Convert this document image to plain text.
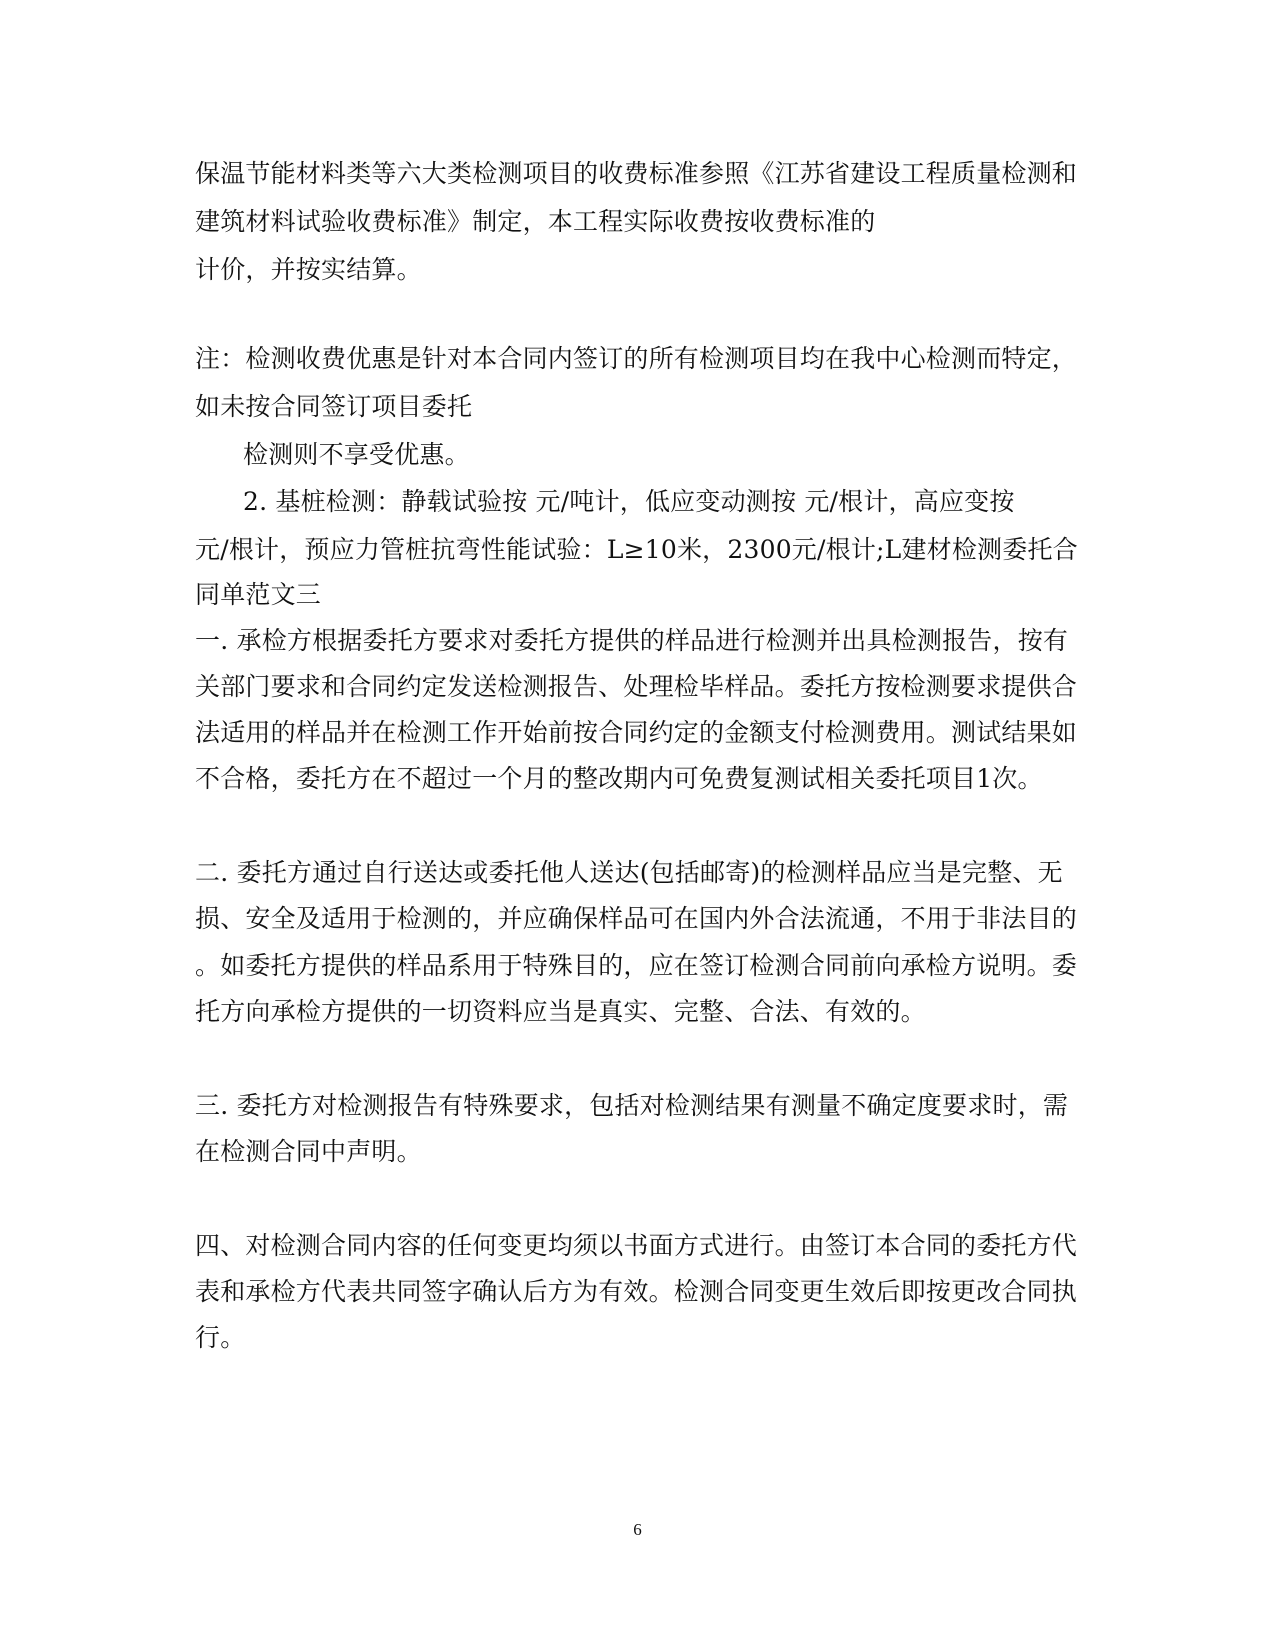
保温节能材料类等六大类检测项目的收费标准参照《江苏省建设工程质量检测和
建筑材料试验收费标准》制定，本工程实际收费按收费标准的
计价，并按实结算。
注：检测收费优惠是针对本合同内签订的所有检测项目均在我中心检测而特定，
如未按合同签订项目委托
检测则不享受优惠。
2. 基桩检测：静载试验按 元/吨计，低应变动测按 元/根计，高应变按
元/根计，预应力管桩抗弯性能试验：L≥10米，2300元/根计;L建材检测委托合
同单范文三
一. 承检方根据委托方要求对委托方提供的样品进行检测并出具检测报告，按有
关部门要求和合同约定发送检测报告、处理检毕样品。委托方按检测要求提供合
法适用的样品并在检测工作开始前按合同约定的金额支付检测费用。测试结果如
不合格，委托方在不超过一个月的整改期内可免费复测试相关委托项目1次。
二. 委托方通过自行送达或委托他人送达(包括邮寄)的检测样品应当是完整、无
损、安全及适用于检测的，并应确保样品可在国内外合法流通，不用于非法目的
。如委托方提供的样品系用于特殊目的，应在签订检测合同前向承检方说明。委
托方向承检方提供的一切资料应当是真实、完整、合法、有效的。
三. 委托方对检测报告有特殊要求，包括对检测结果有测量不确定度要求时，需
在检测合同中声明。
四、对检测合同内容的任何变更均须以书面方式进行。由签订本合同的委托方代
表和承检方代表共同签字确认后方为有效。检测合同变更生效后即按更改合同执
行。
6
